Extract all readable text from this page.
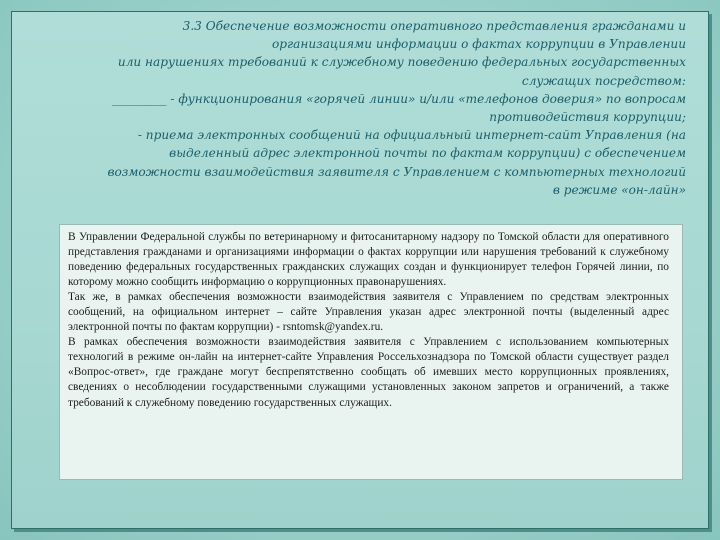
3.3 Обеспечение возможности оперативного представления гражданами и
организациями информации о фактах коррупции в Управлении
или нарушениях требований к служебному поведению федеральных государственных
служащих посредством:
_________ - функционирования «горячей линии» и/или «телефонов доверия» по вопросам
противодействия коррупции;
- приема электронных сообщений на официальный интернет-сайт Управления (на
выделенный адрес электронной почты по фактам коррупции) с обеспечением
возможности взаимодействия заявителя с Управлением с компьютерных технологий
в режиме «он-лайн»

В Управлении Федеральной службы по ветеринарному и фитосанитарному надзору по Томской области для оперативного представления гражданами и организациями информации о фактах коррупции или нарушения требований к служебному поведению федеральных государственных гражданских служащих создан и функционирует телефон Горячей линии, по которому можно сообщить информацию о коррупционных правонарушениях.

Так же, в рамках обеспечения возможности взаимодействия заявителя с Управлением по средствам электронных сообщений, на официальном интернет – сайте Управления указан адрес электронной почты (выделенный адрес электронной почты по фактам коррупции) - rsntomsk@yandex.ru.

В рамках обеспечения возможности взаимодействия заявителя с Управлением с использованием компьютерных технологий в режиме он-лайн на интернет-сайте Управления Россельхознадзора по Томской области существует раздел «Вопрос-ответ», где граждане могут беспрепятственно сообщать об имевших место коррупционных проявлениях, сведениях о несоблюдении государственными служащими установленных законом запретов и ограничений, а также требований к служебному поведению государственных служащих.
